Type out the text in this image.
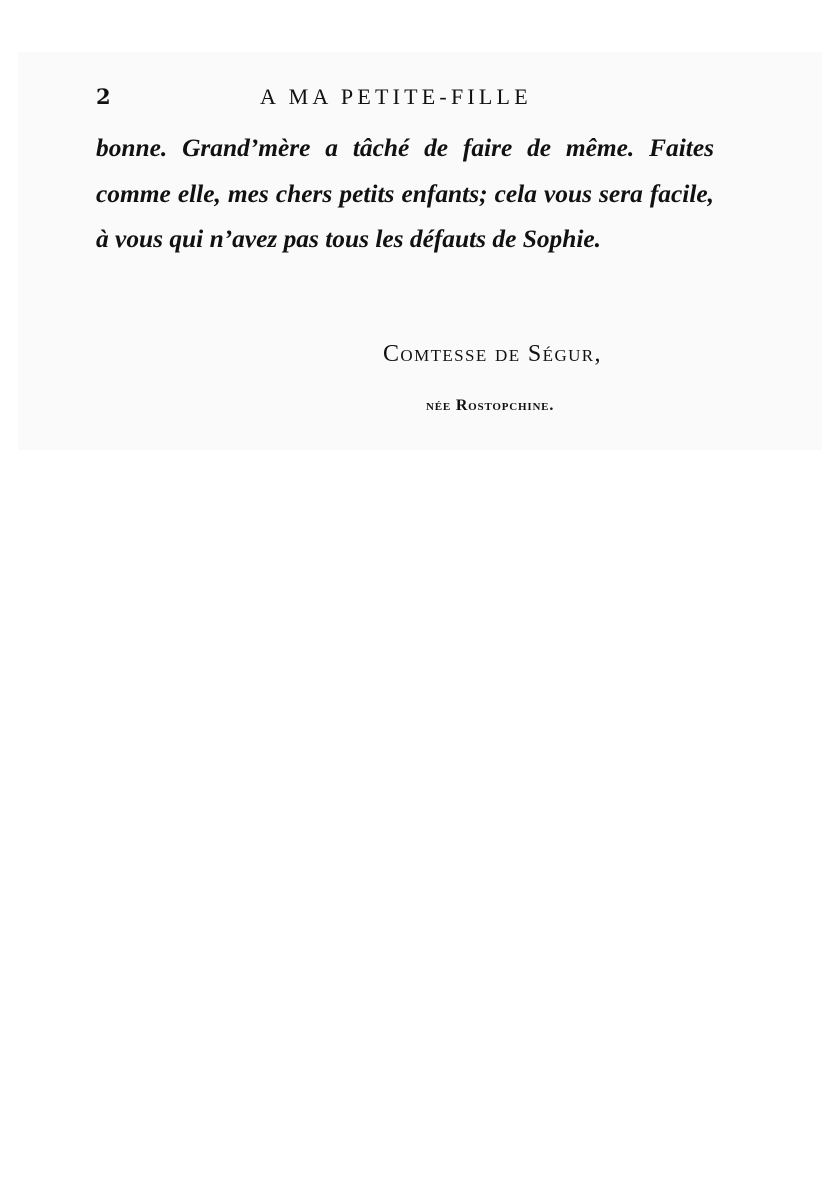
2	A MA PETITE-FILLE

bonne. Grand’mère a tâché de faire de même. Faites comme elle, mes chers petits enfants; cela vous sera facile, à vous qui n’avez pas tous les défauts de Sophie.

Comtesse de Ségur,
née Rostopchine.
